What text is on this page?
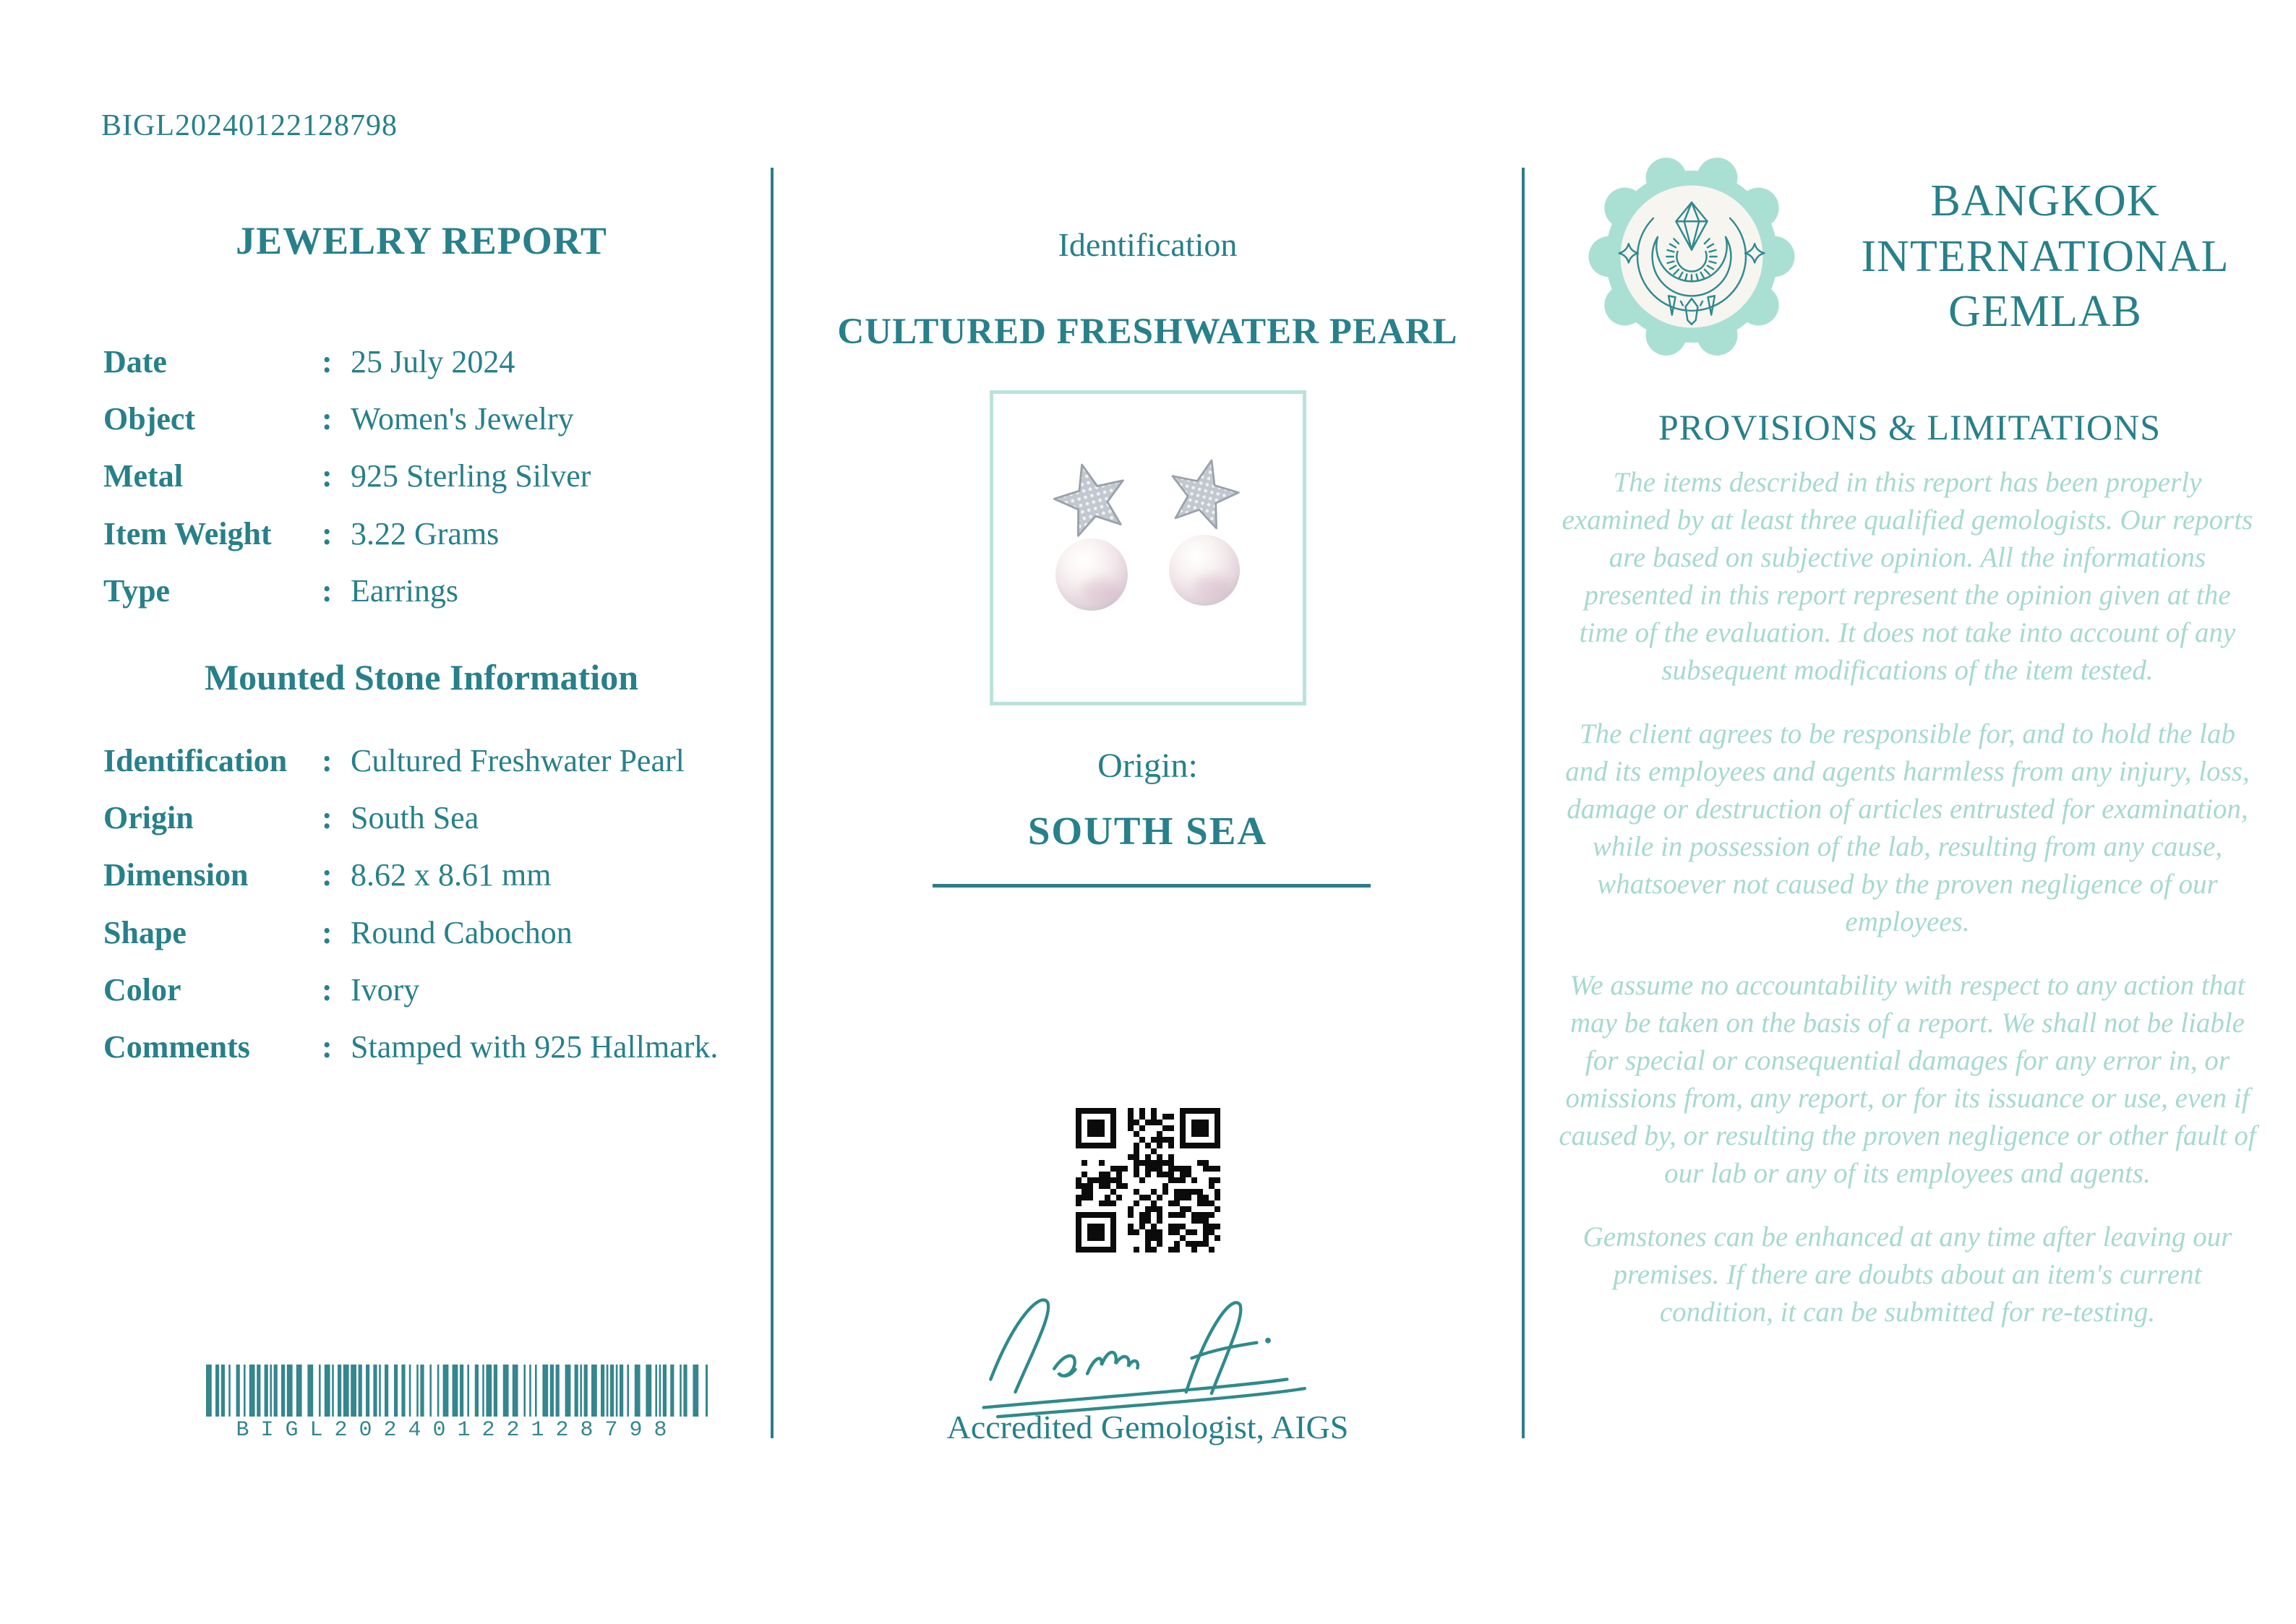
BIGL20240122128798
JEWELRY REPORT
Date	: 25 July 2024
Object	: Women's Jewelry
Metal	: 925 Sterling Silver
Item Weight	: 3.22 Grams
Type	: Earrings
Mounted Stone Information
Identification	: Cultured Freshwater Pearl
Origin	: South Sea
Dimension	: 8.62 x 8.61 mm
Shape	: Round Cabochon
Color	: Ivory
Comments	: Stamped with 925 Hallmark.
BIGL20240122128798
Identification
CULTURED FRESHWATER PEARL
Origin:
SOUTH SEA
Accredited Gemologist, AIGS
BANGKOK
INTERNATIONAL
GEMLAB
PROVISIONS & LIMITATIONS

The items described in this report has been properly examined by at least three qualified gemologists. Our reports are based on subjective opinion. All the informations presented in this report represent the opinion given at the time of the evaluation. It does not take into account of any subsequent modifications of the item tested.

The client agrees to be responsible for, and to hold the lab and its employees and agents harmless from any injury, loss, damage or destruction of articles entrusted for examination, while in possession of the lab, resulting from any cause, whatsoever not caused by the proven negligence of our employees.

We assume no accountability with respect to any action that may be taken on the basis of a report. We shall not be liable for special or consequential damages for any error in, or omissions from, any report, or for its issuance or use, even if caused by, or resulting the proven negligence or other fault of our lab or any of its employees and agents.

Gemstones can be enhanced at any time after leaving our premises. If there are doubts about an item's current condition, it can be submitted for re-testing.
